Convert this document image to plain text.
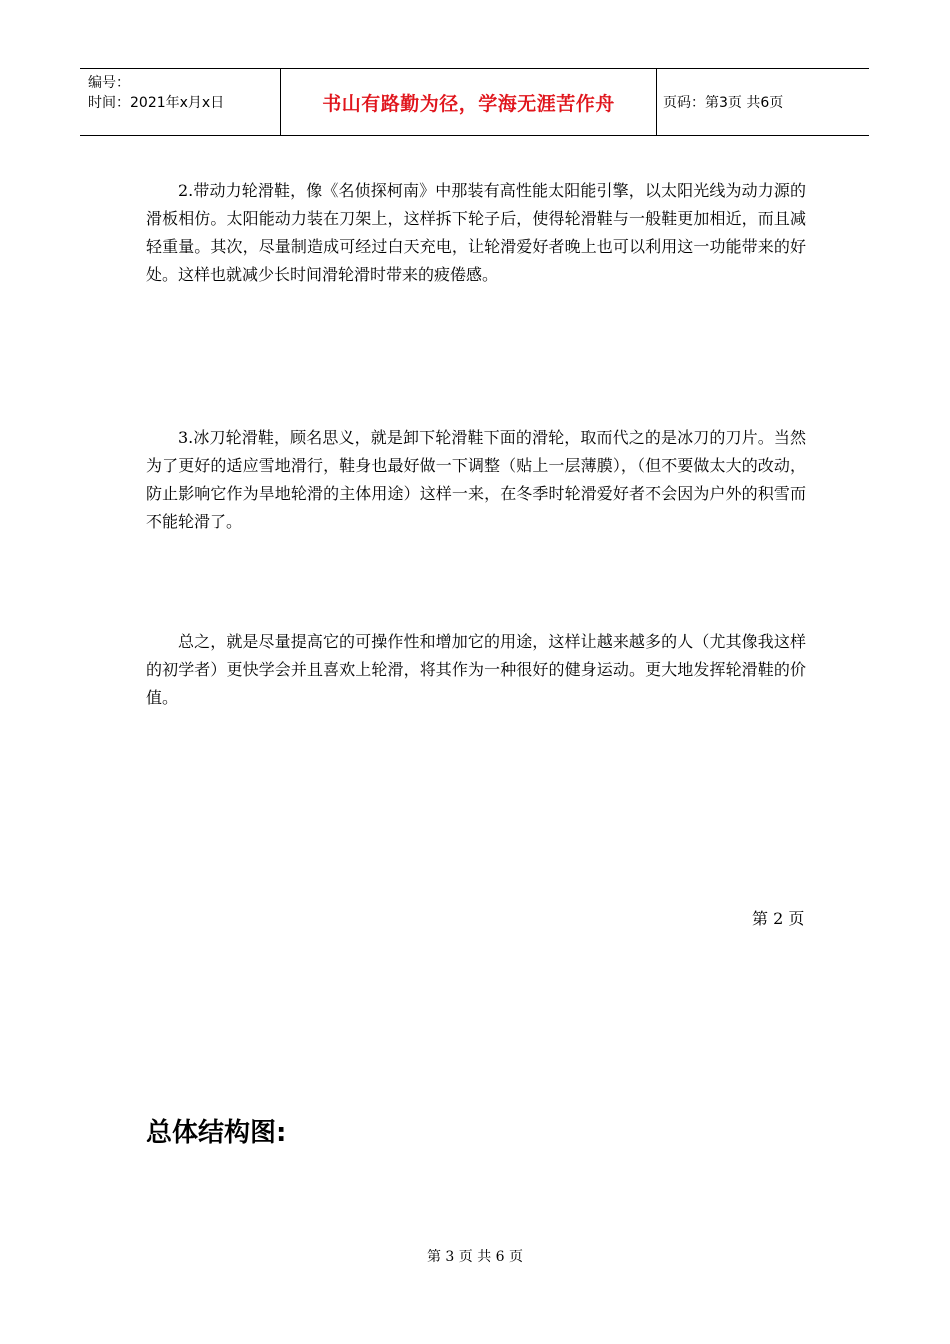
编号：
时间：2021年x月x日	书山有路勤为径，学海无涯苦作舟	页码：第3页 共6页

2.带动力轮滑鞋，像《名侦探柯南》中那装有高性能太阳能引擎，以太阳光线为动力源的滑板相仿。太阳能动力装在刀架上，这样拆下轮子后，使得轮滑鞋与一般鞋更加相近，而且减轻重量。其次，尽量制造成可经过白天充电，让轮滑爱好者晚上也可以利用这一功能带来的好处。这样也就减少长时间滑轮滑时带来的疲倦感。

3.冰刀轮滑鞋，顾名思义，就是卸下轮滑鞋下面的滑轮，取而代之的是冰刀的刀片。当然为了更好的适应雪地滑行，鞋身也最好做一下调整（贴上一层薄膜），（但不要做太大的改动，防止影响它作为旱地轮滑的主体用途）这样一来，在冬季时轮滑爱好者不会因为户外的积雪而不能轮滑了。

总之，就是尽量提高它的可操作性和增加它的用途，这样让越来越多的人（尤其像我这样的初学者）更快学会并且喜欢上轮滑，将其作为一种很好的健身运动。更大地发挥轮滑鞋的价值。

第 2 页
总体结构图:
第 3 页 共 6 页
